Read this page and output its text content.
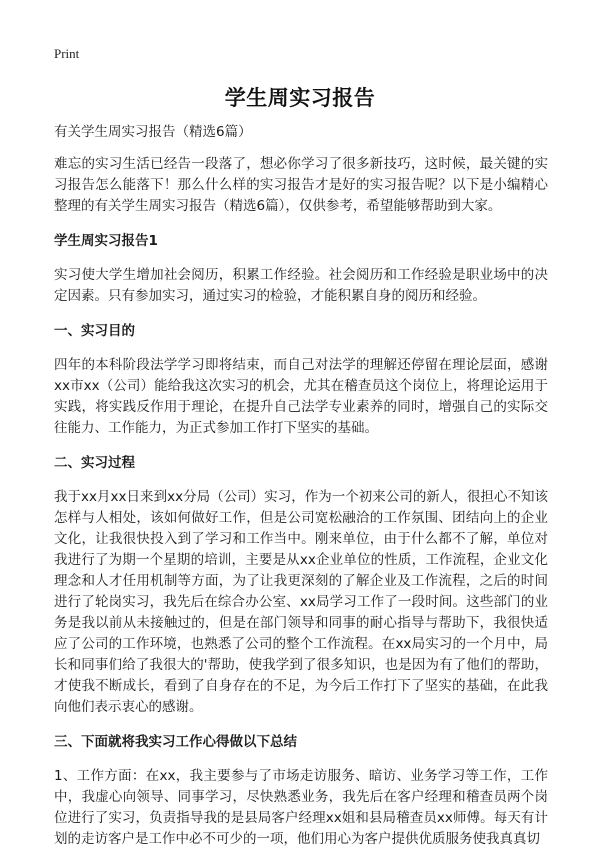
Print
学生周实习报告

有关学生周实习报告（精选6篇）

难忘的实习生活已经告一段落了，想必你学习了很多新技巧，这时候，最关键的实习报告怎么能落下！那么什么样的实习报告才是好的实习报告呢？以下是小编精心整理的有关学生周实习报告（精选6篇），仅供参考，希望能够帮助到大家。

学生周实习报告1

实习使大学生增加社会阅历，积累工作经验。社会阅历和工作经验是职业场中的决定因素。只有参加实习，通过实习的检验，才能积累自身的阅历和经验。

一、实习目的

四年的本科阶段法学学习即将结束，而自己对法学的理解还停留在理论层面，感谢xx市xx（公司）能给我这次实习的机会，尤其在稽查员这个岗位上，将理论运用于实践，将实践反作用于理论，在提升自己法学专业素养的同时，增强自己的实际交往能力、工作能力，为正式参加工作打下坚实的基础。

二、实习过程

我于xx月xx日来到xx分局（公司）实习，作为一个初来公司的新人，很担心不知该怎样与人相处，该如何做好工作，但是公司宽松融洽的工作氛围、团结向上的企业文化，让我很快投入到了学习和工作当中。刚来单位，由于什么都不了解，单位对我进行了为期一个星期的培训，主要是从xx企业单位的性质，工作流程，企业文化理念和人才任用机制等方面，为了让我更深刻的了解企业及工作流程，之后的时间进行了轮岗实习，我先后在综合办公室、xx局学习工作了一段时间。这些部门的业务是我以前从未接触过的，但是在部门领导和同事的耐心指导与帮助下，我很快适应了公司的工作环境，也熟悉了公司的整个工作流程。在xx局实习的一个月中，局长和同事们给了我很大的'帮助，使我学到了很多知识，也是因为有了他们的帮助，才使我不断成长，看到了自身存在的不足，为今后工作打下了坚实的基础，在此我向他们表示衷心的感谢。

三、下面就将我实习工作心得做以下总结

1、工作方面：在xx，我主要参与了市场走访服务、暗访、业务学习等工作，工作中，我虚心向领导、同事学习，尽快熟悉业务，我先后在客户经理和稽查员两个岗位进行了实习，负责指导我的是县局客户经理xx姐和县局稽查员xx师傅。每天有计划的走访客户是工作中必不可少的一项，他们用心为客户提供优质服务使我真真切
